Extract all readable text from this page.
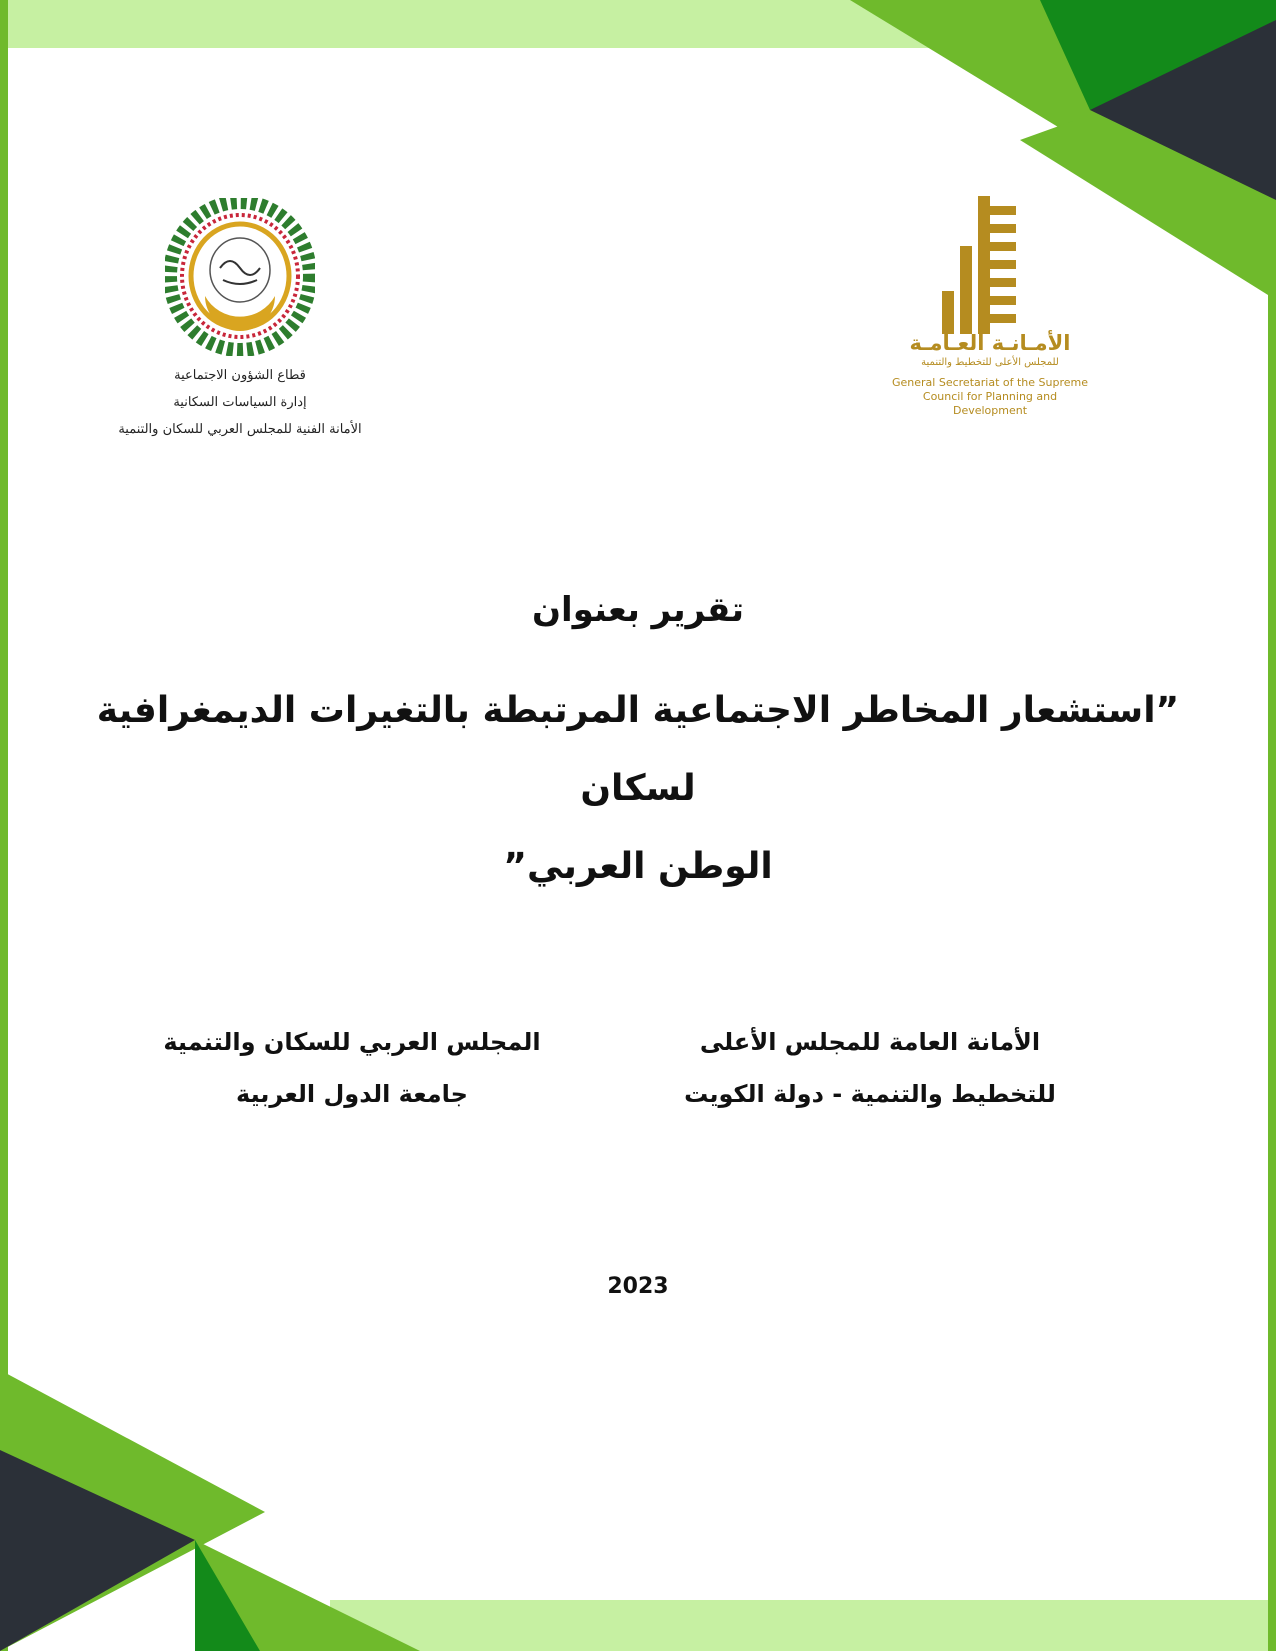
قطاع الشؤون الاجتماعية
إدارة السياسات السكانية
الأمانة الفنية للمجلس العربي للسكان والتنمية
الأمـانـة العـامـة
للمجلس الأعلى للتخطيط والتنمية
General Secretariat of the Supreme
Council for Planning and
Development
تقرير بعنوان
”استشعار المخاطر الاجتماعية المرتبطة بالتغيرات الديمغرافية لسكان
الوطن العربي”
الأمانة العامة للمجلس الأعلى
للتخطيط والتنمية - دولة الكويت
المجلس العربي للسكان والتنمية
جامعة الدول العربية
2023
